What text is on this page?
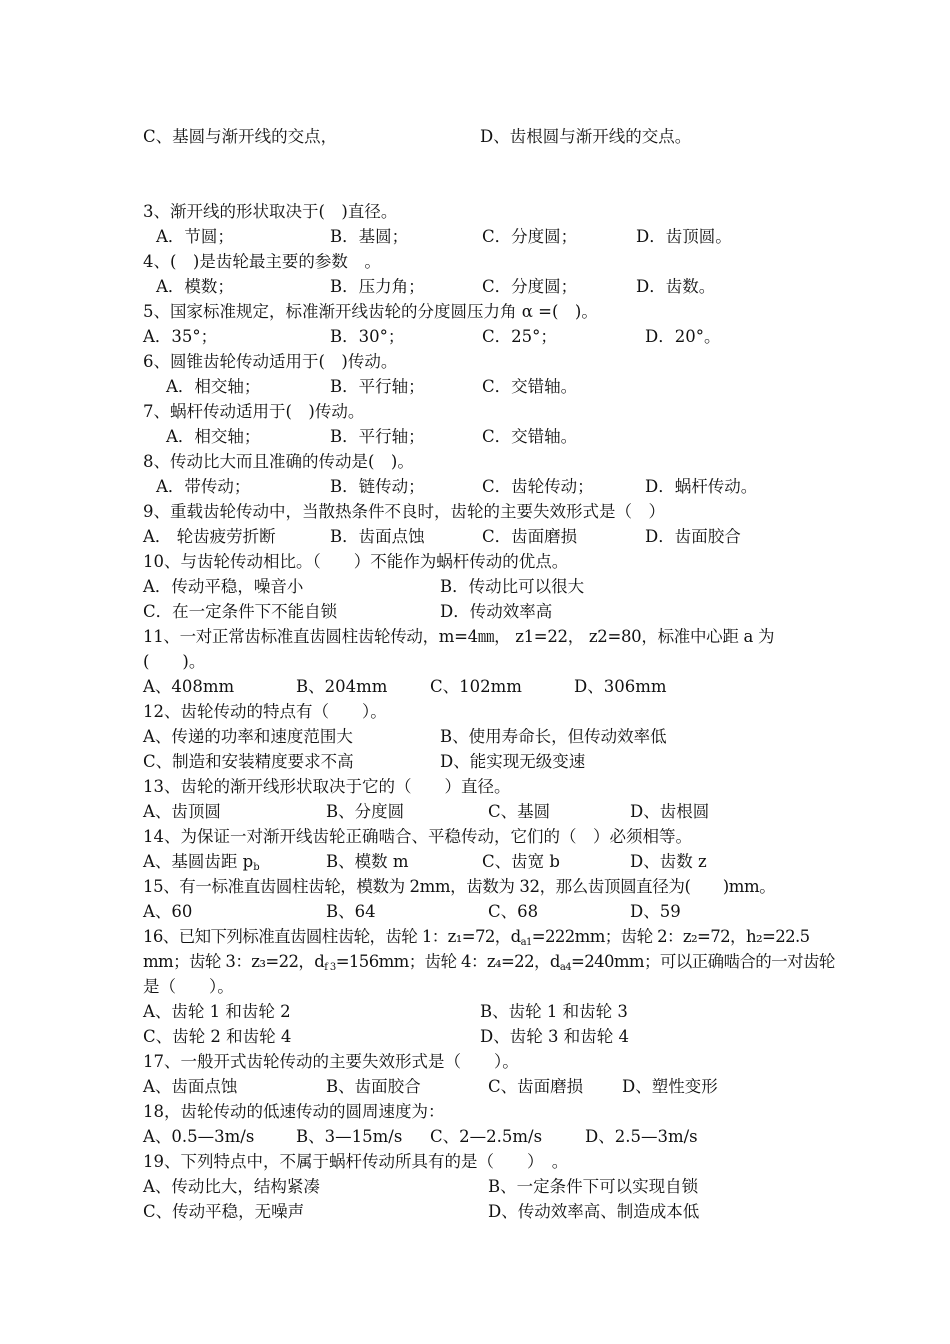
C、基圆与渐开线的交点，	D、齿根圆与渐开线的交点。
3、渐开线的形状取决于(　)直径。
A．节圆；	B．基圆；	C．分度圆；	D．齿顶圆。
4、(　)是齿轮最主要的参数　。
A．模数；	B．压力角；	C．分度圆；	D．齿数。
5、国家标准规定，标准渐开线齿轮的分度圆压力角 α =(　)。
A．35°；	B．30°；	C．25°；	D．20°。
6、圆锥齿轮传动适用于(　)传动。
A．相交轴；	B．平行轴；	C．交错轴。
7、蜗杆传动适用于(　)传动。
A．相交轴；	B．平行轴；	C．交错轴。
8、传动比大而且准确的传动是(　)。
A．带传动；	B．链传动；	C．齿轮传动；	D．蜗杆传动。
9、重载齿轮传动中，当散热条件不良时，齿轮的主要失效形式是（　）
A． 轮齿疲劳折断	B．齿面点蚀	C．齿面磨损	D．齿面胶合
10、与齿轮传动相比。（　　）不能作为蜗杆传动的优点。
A．传动平稳，噪音小	B．传动比可以很大
C．在一定条件下不能自锁	D．传动效率高
11、一对正常齿标准直齿圆柱齿轮传动，m=4㎜， z1=22， z2=80，标准中心距 a 为
(　　)。
A、408mm	B、204mm	C、102mm	D、306mm
12、齿轮传动的特点有（　　）。
A、传递的功率和速度范围大	B、使用寿命长，但传动效率低
C、制造和安装精度要求不高	D、能实现无级变速
13、齿轮的渐开线形状取决于它的（　　）直径。
A、齿顶圆	B、分度圆	C、基圆	D、齿根圆
14、为保证一对渐开线齿轮正确啮合、平稳传动，它们的（　）必须相等。
A、基圆齿距 $p_b$	B、模数 m	C、齿宽 b	D、齿数 z
15、有一标准直齿圆柱齿轮，模数为 2mm，齿数为 32，那么齿顶圆直径为(　　)mm。
A、60	B、64	C、68	D、59
16、已知下列标准直齿圆柱齿轮，齿轮 1：z₁=72，$d_{a1}=222mm$；齿轮 2：z₂=72，h₂=22.5
mm；齿轮 3：z₃=22，$d_{f 3}=156mm$；齿轮 4：z₄=22，$d_{a4}=240mm$；可以正确啮合的一对齿轮
是（　　）。
A、齿轮 1 和齿轮 2	B、齿轮 1 和齿轮 3
C、齿轮 2 和齿轮 4	D、齿轮 3 和齿轮 4
17、一般开式齿轮传动的主要失效形式是（　　）。
A、齿面点蚀	B、齿面胶合	C、齿面磨损 D、塑性变形
18，齿轮传动的低速传动的圆周速度为：
A、0.5—3m/s	B、3—15m/s C、2—2.5m/s	D、2.5—3m/s
19、下列特点中，不属于蜗杆传动所具有的是（　　）　。
A、传动比大，结构紧凑	B、一定条件下可以实现自锁
C、传动平稳，无噪声	D、传动效率高、制造成本低
